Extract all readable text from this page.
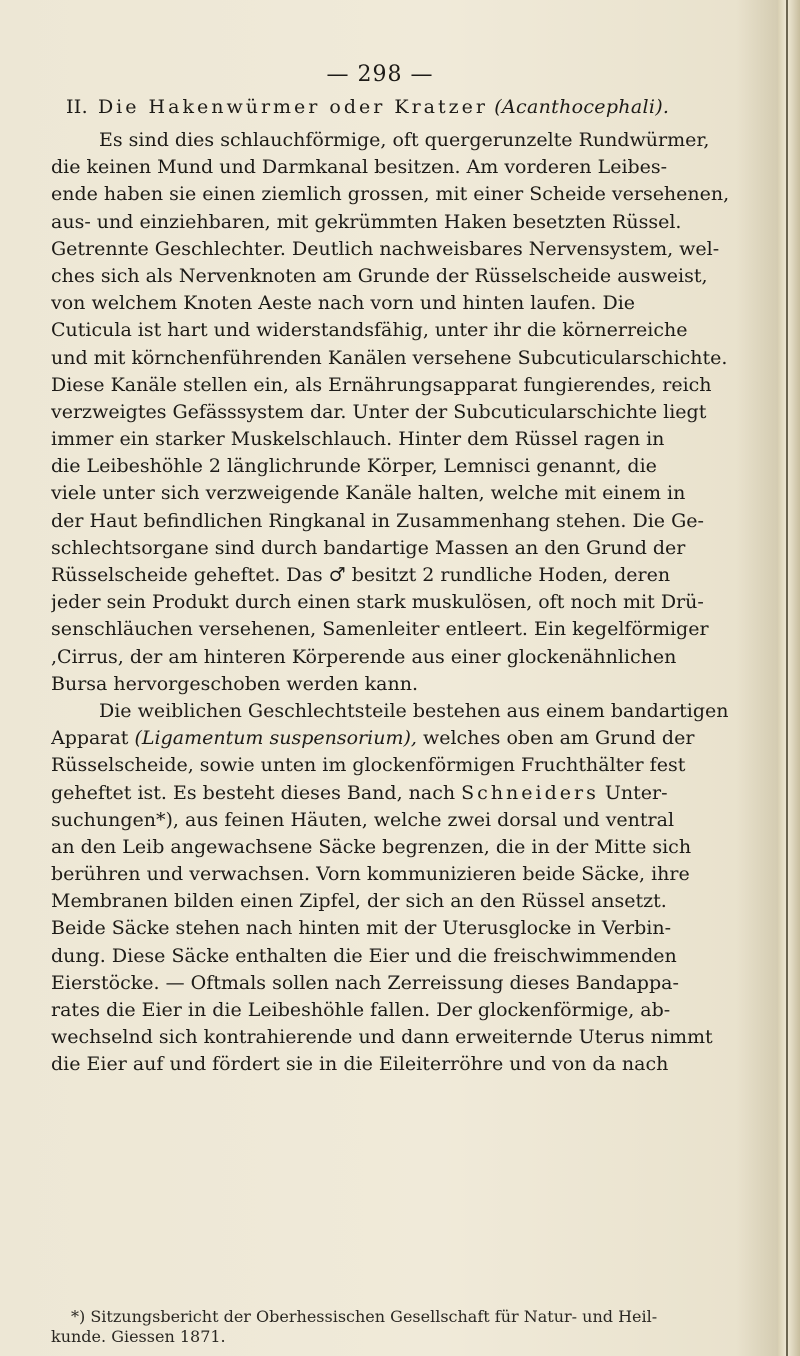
— 298 —
II. Die Hakenwürmer oder Kratzer (Acanthocephali).
Es sind dies schlauchförmige, oft quergerunzelte Rundwürmer,
die keinen Mund und Darmkanal besitzen. Am vorderen Leibes-
ende haben sie einen ziemlich grossen, mit einer Scheide versehenen,
aus- und einziehbaren, mit gekrümmten Haken besetzten Rüssel.
Getrennte Geschlechter. Deutlich nachweisbares Nervensystem, wel-
ches sich als Nervenknoten am Grunde der Rüsselscheide ausweist,
von welchem Knoten Aeste nach vorn und hinten laufen. Die
Cuticula ist hart und widerstandsfähig, unter ihr die körnerreiche
und mit körnchenführenden Kanälen versehene Subcuticularschichte.
Diese Kanäle stellen ein, als Ernährungsapparat fungierendes, reich
verzweigtes Gefässsystem dar. Unter der Subcuticularschichte liegt
immer ein starker Muskelschlauch. Hinter dem Rüssel ragen in
die Leibeshöhle 2 länglichrunde Körper, Lemnisci genannt, die
viele unter sich verzweigende Kanäle halten, welche mit einem in
der Haut befindlichen Ringkanal in Zusammenhang stehen. Die Ge-
schlechtsorgane sind durch bandartige Massen an den Grund der
Rüsselscheide geheftet. Das ♂ besitzt 2 rundliche Hoden, deren
jeder sein Produkt durch einen stark muskulösen, oft noch mit Drü-
senschläuchen versehenen, Samenleiter entleert. Ein kegelförmiger
,Cirrus, der am hinteren Körperende aus einer glockenähnlichen
Bursa hervorgeschoben werden kann.
Die weiblichen Geschlechtsteile bestehen aus einem bandartigen
Apparat (Ligamentum suspensorium), welches oben am Grund der
Rüsselscheide, sowie unten im glockenförmigen Fruchthälter fest
geheftet ist. Es besteht dieses Band, nach Schneiders Unter-
suchungen*), aus feinen Häuten, welche zwei dorsal und ventral
an den Leib angewachsene Säcke begrenzen, die in der Mitte sich
berühren und verwachsen. Vorn kommunizieren beide Säcke, ihre
Membranen bilden einen Zipfel, der sich an den Rüssel ansetzt.
Beide Säcke stehen nach hinten mit der Uterusglocke in Verbin-
dung. Diese Säcke enthalten die Eier und die freischwimmenden
Eierstöcke. — Oftmals sollen nach Zerreissung dieses Bandappa-
rates die Eier in die Leibeshöhle fallen. Der glockenförmige, ab-
wechselnd sich kontrahierende und dann erweiternde Uterus nimmt
die Eier auf und fördert sie in die Eileiterröhre und von da nach
*) Sitzungsbericht der Oberhessischen Gesellschaft für Natur- und Heil-
kunde. Giessen 1871.
